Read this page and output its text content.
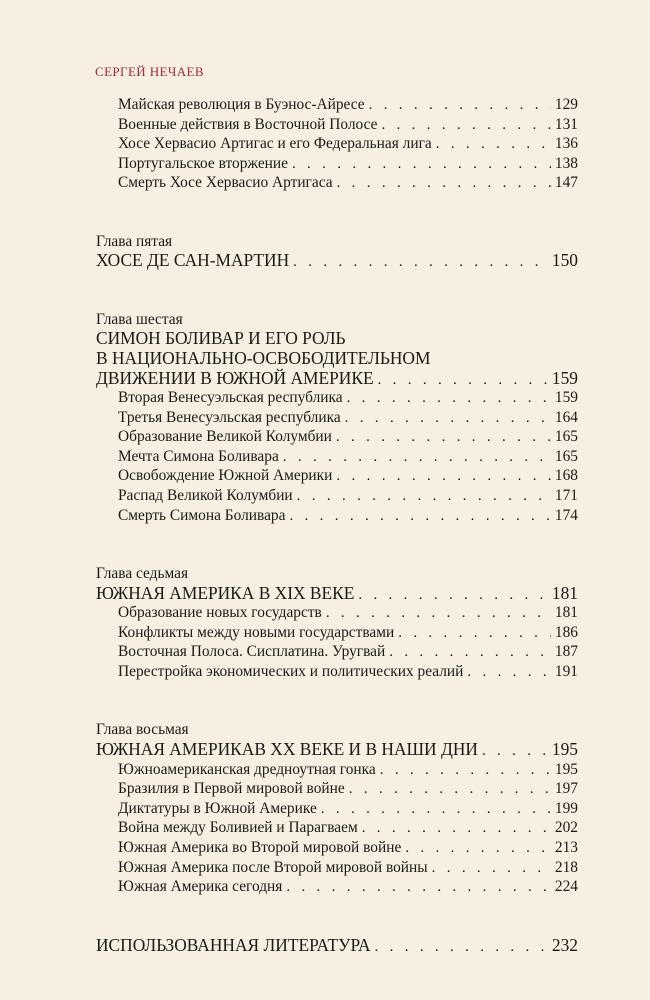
СЕРГЕЙ НЕЧАЕВ
Майская революция в Буэнос-Айресе . . .	129
Военные действия в Восточной Полосе . . .	131
Хосе Хервасио Артигас и его Федеральная лига . . .	136
Португальское вторжение . . .	138
Смерть Хосе Хервасио Артигаса . . .	147
Глава пятая
ХОСЕ ДЕ САН-МАРТИН . . .	150
Глава шестая
СИМОН БОЛИВАР И ЕГО РОЛЬ
В НАЦИОНАЛЬНО-ОСВОБОДИТЕЛЬНОМ
ДВИЖЕНИИ В ЮЖНОЙ АМЕРИКЕ . . .	159
Вторая Венесуэльская республика . . .	159
Третья Венесуэльская республика . . .	164
Образование Великой Колумбии . . .	165
Мечта Симона Боливара . . .	165
Освобождение Южной Америки . . .	168
Распад Великой Колумбии . . .	171
Смерть Симона Боливара . . .	174
Глава седьмая
ЮЖНАЯ АМЕРИКА В XIX ВЕКЕ . . .	181
Образование новых государств . . .	181
Конфликты между новыми государствами . . .	186
Восточная Полоса. Сисплатина. Уругвай . . .	187
Перестройка экономических и политических реалий . . .	191
Глава восьмая
ЮЖНАЯ АМЕРИКАВ XX ВЕКЕ И В НАШИ ДНИ . . .	195
Южноамериканская дредноутная гонка . . .	195
Бразилия в Первой мировой войне . . .	197
Диктатуры в Южной Америке . . .	199
Война между Боливией и Парагваем . . .	202
Южная Америка во Второй мировой войне . . .	213
Южная Америка после Второй мировой войны . . .	218
Южная Америка сегодня . . .	224
ИСПОЛЬЗОВАННАЯ ЛИТЕРАТУРА . . .	232
